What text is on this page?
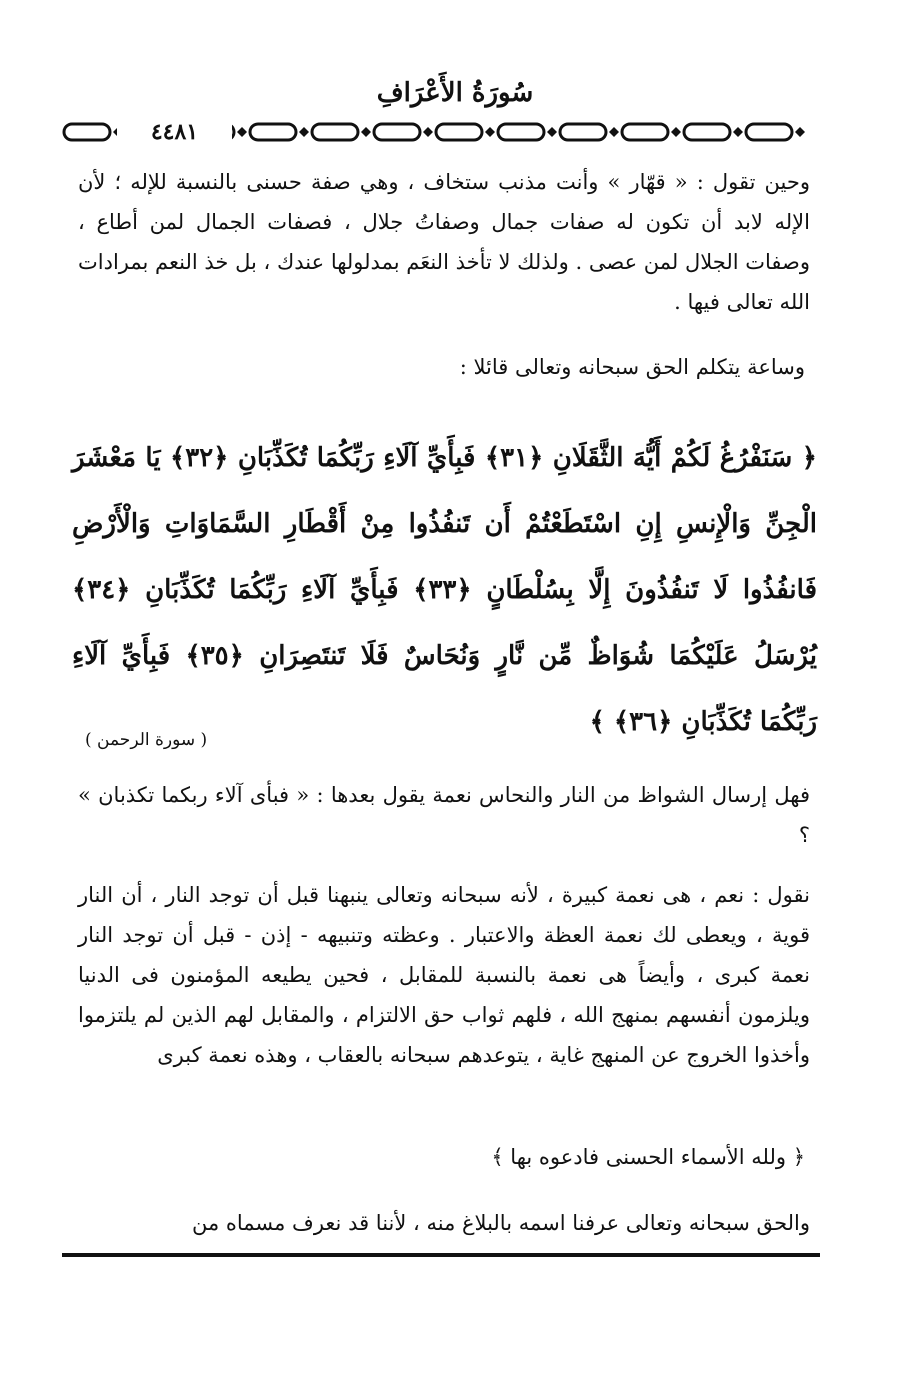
سُورَةُ الأَعْرَافِ
٤٤٨١

وحين تقول : « قهّار » وأنت مذنب ستخاف ، وهي صفة حسنى بالنسبة للإله ؛ لأن الإله لابد أن تكون له صفات جمال وصفاتُ جلال ، فصفات الجمال لمن أطاع ، وصفات الجلال لمن عصى . ولذلك لا تأخذ النعَم بمدلولها عندك ، بل خذ النعم بمرادات الله تعالى فيها .

وساعة يتكلم الحق سبحانه وتعالى قائلا :
﴿ سَنَفْرُغُ لَكُمْ أَيُّهَ الثَّقَلَانِ ﴿٣١﴾ فَبِأَيِّ آلَاءِ رَبِّكُمَا تُكَذِّبَانِ ﴿٣٢﴾ يَا مَعْشَرَ الْجِنِّ وَالْإِنسِ إِنِ اسْتَطَعْتُمْ أَن تَنفُذُوا مِنْ أَقْطَارِ السَّمَاوَاتِ وَالْأَرْضِ فَانفُذُوا لَا تَنفُذُونَ إِلَّا بِسُلْطَانٍ ﴿٣٣﴾ فَبِأَيِّ آلَاءِ رَبِّكُمَا تُكَذِّبَانِ ﴿٣٤﴾ يُرْسَلُ عَلَيْكُمَا شُوَاظٌ مِّن نَّارٍ وَنُحَاسٌ فَلَا تَنتَصِرَانِ ﴿٣٥﴾ فَبِأَيِّ آلَاءِ رَبِّكُمَا تُكَذِّبَانِ ﴿٣٦﴾ ﴾
( سورة الرحمن )

فهل إرسال الشواظ من النار والنحاس نعمة يقول بعدها : « فبأى آلاء ربكما تكذبان » ؟

نقول : نعم ، هى نعمة كبيرة ، لأنه سبحانه وتعالى ينبهنا قبل أن توجد النار ، أن النار قوية ، ويعطى لك نعمة العظة والاعتبار . وعظته وتنبيهه - إذن - قبل أن توجد النار نعمة كبرى ، وأيضاً هى نعمة بالنسبة للمقابل ، فحين يطيعه المؤمنون فى الدنيا ويلزمون أنفسهم بمنهج الله ، فلهم ثواب حق الالتزام ، والمقابل لهم الذين لم يلتزموا وأخذوا الخروج عن المنهج غاية ، يتوعدهم سبحانه بالعقاب ، وهذه نعمة كبرى

﴿ ولله الأسماء الحسنى فادعوه بها ﴾

والحق سبحانه وتعالى عرفنا اسمه بالبلاغ منه ، لأننا قد نعرف مسماه من
